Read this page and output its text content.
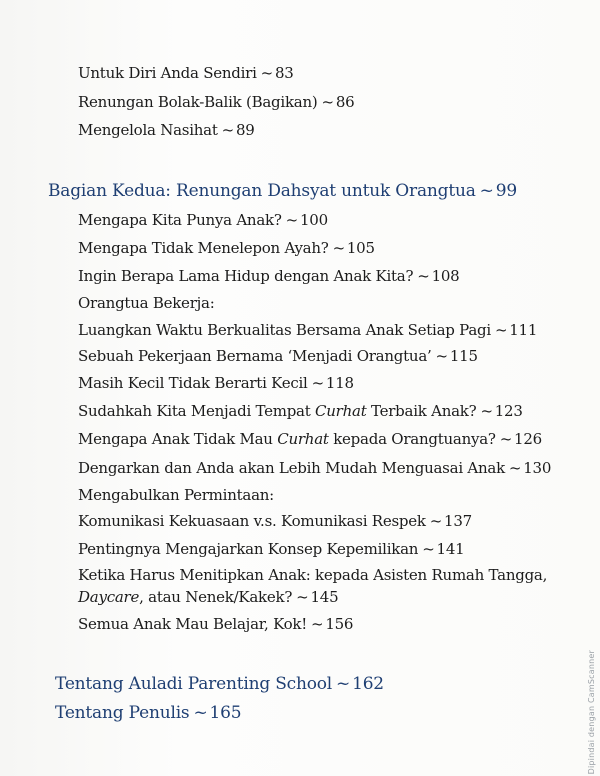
Untuk Diri Anda Sendiri ~ 83
Renungan Bolak-Balik (Bagikan) ~ 86
Mengelola Nasihat ~ 89
Bagian Kedua: Renungan Dahsyat untuk Orangtua ~ 99
Mengapa Kita Punya Anak? ~ 100
Mengapa Tidak Menelepon Ayah? ~ 105
Ingin Berapa Lama Hidup dengan Anak Kita? ~ 108
Orangtua Bekerja:
Luangkan Waktu Berkualitas Bersama Anak Setiap Pagi ~ 111
Sebuah Pekerjaan Bernama ‘Menjadi Orangtua’ ~ 115
Masih Kecil Tidak Berarti Kecil ~ 118
Sudahkah Kita Menjadi Tempat Curhat Terbaik Anak? ~ 123
Mengapa Anak Tidak Mau Curhat kepada Orangtuanya? ~ 126
Dengarkan dan Anda akan Lebih Mudah Menguasai Anak ~ 130
Mengabulkan Permintaan:
Komunikasi Kekuasaan v.s. Komunikasi Respek ~ 137
Pentingnya Mengajarkan Konsep Kepemilikan ~ 141
Ketika Harus Menitipkan Anak: kepada Asisten Rumah Tangga, Daycare, atau Nenek/Kakek? ~ 145
Semua Anak Mau Belajar, Kok! ~ 156
Tentang Auladi Parenting School ~ 162
Tentang Penulis ~ 165	Dipindai dengan CamScanner
